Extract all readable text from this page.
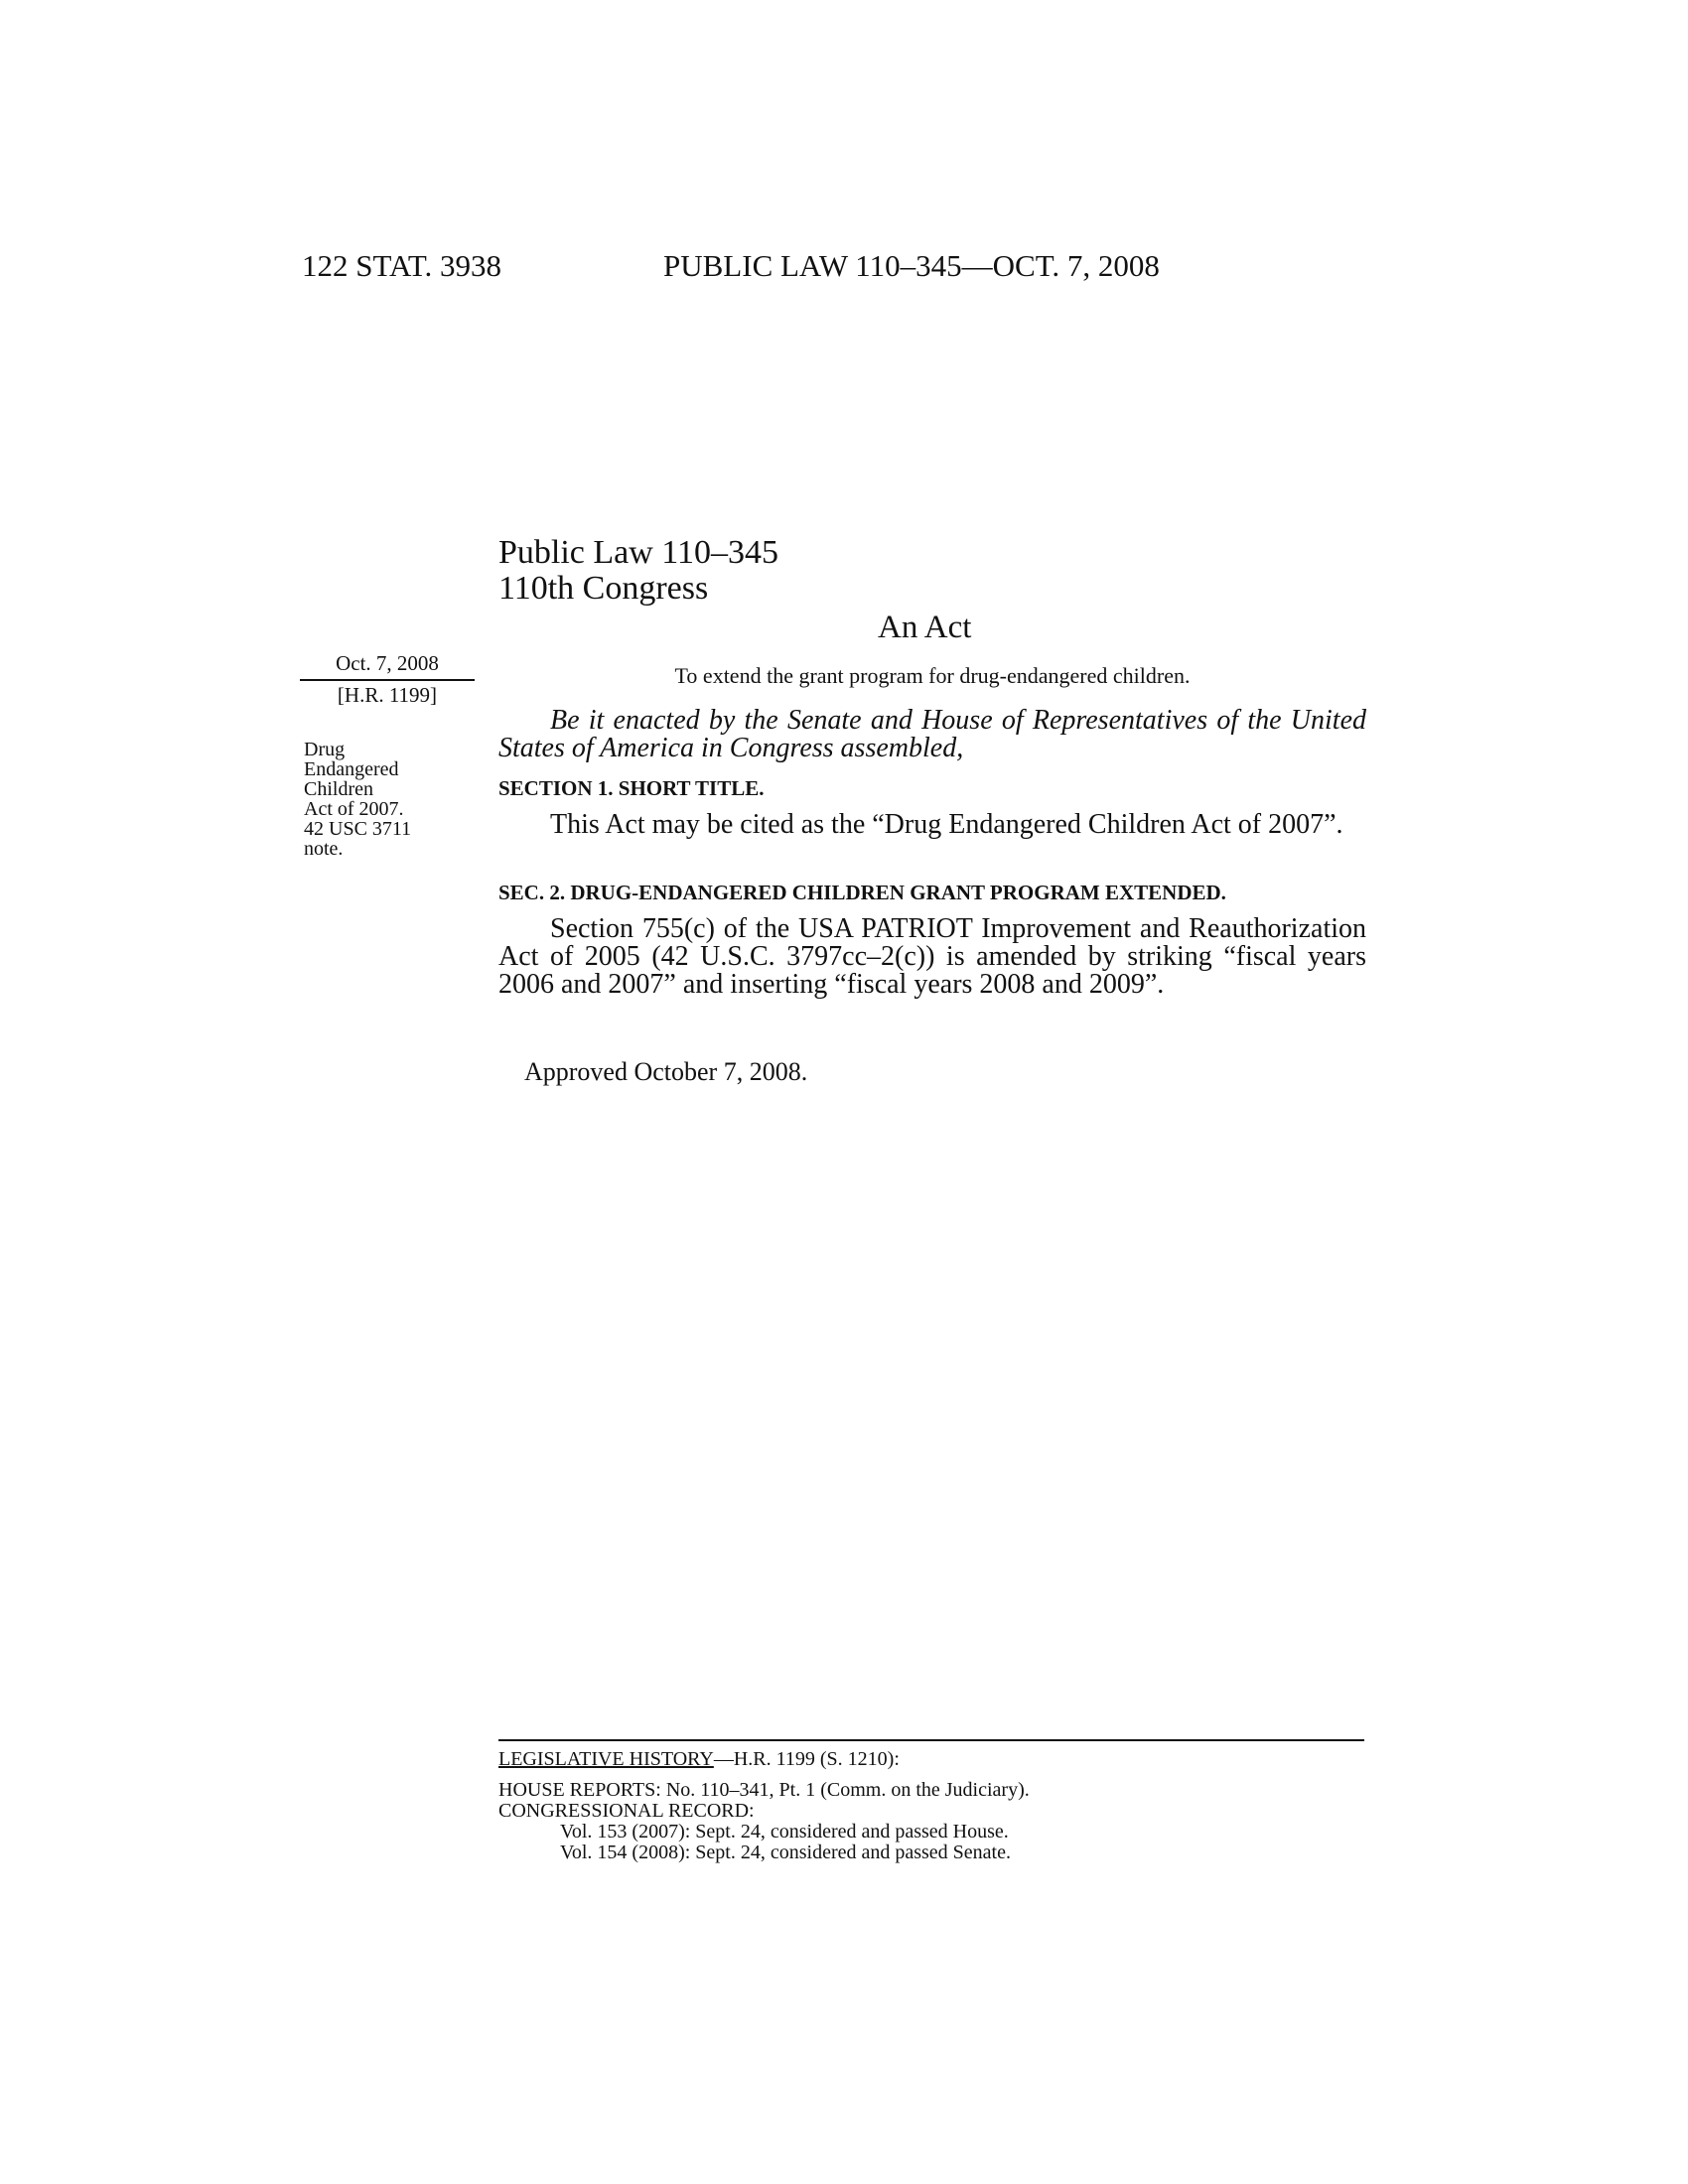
122 STAT. 3938	PUBLIC LAW 110–345—OCT. 7, 2008
Public Law 110–345
110th Congress
An Act
Oct. 7, 2008
[H.R. 1199]
Drug
Endangered
Children
Act of 2007.
42 USC 3711
note.
To extend the grant program for drug-endangered children.
Be it enacted by the Senate and House of Representatives of the United States of America in Congress assembled,
SECTION 1. SHORT TITLE.
This Act may be cited as the “Drug Endangered Children Act of 2007”.
SEC. 2. DRUG-ENDANGERED CHILDREN GRANT PROGRAM EXTENDED.
Section 755(c) of the USA PATRIOT Improvement and Reauthorization Act of 2005 (42 U.S.C. 3797cc–2(c)) is amended by striking “fiscal years 2006 and 2007” and inserting “fiscal years 2008 and 2009”.
Approved October 7, 2008.
LEGISLATIVE HISTORY—H.R. 1199 (S. 1210):
HOUSE REPORTS: No. 110–341, Pt. 1 (Comm. on the Judiciary).
CONGRESSIONAL RECORD:
Vol. 153 (2007): Sept. 24, considered and passed House.
Vol. 154 (2008): Sept. 24, considered and passed Senate.
